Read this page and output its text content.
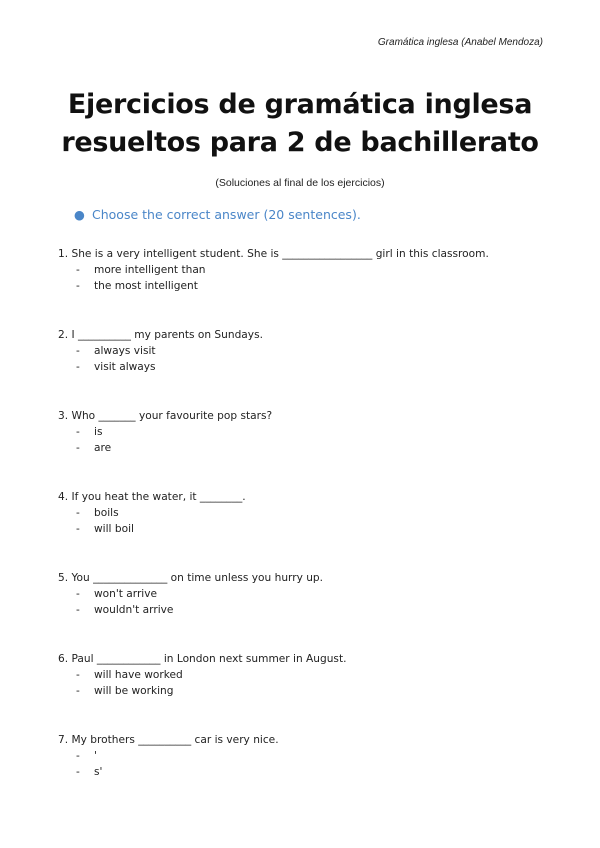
Gramática inglesa (Anabel Mendoza)
Ejercicios de gramática inglesa
resueltos para 2 de bachillerato
(Soluciones al final de los ejercicios)
● Choose the correct answer (20 sentences).
1. She is a very intelligent student. She is _________________ girl in this classroom.
-	more intelligent than
-	the most intelligent
2. I __________ my parents on Sundays.
-	always visit
-	visit always
3. Who _______ your favourite pop stars?
-	is
-	are
4. If you heat the water, it ________.
-	boils
-	will boil
5. You ______________ on time unless you hurry up.
-	won't arrive
-	wouldn't arrive
6. Paul ____________ in London next summer in August.
-	will have worked
-	will be working
7. My brothers __________ car is very nice.
-	'
-	s'
